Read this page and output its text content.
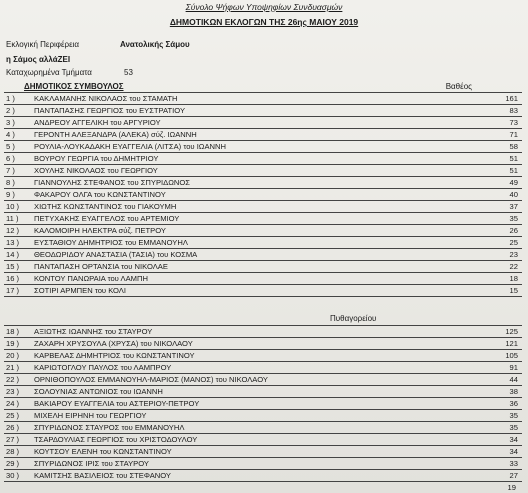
Σύνολο Ψήφων Υποψηφίων Συνδυασμών
ΔΗΜΟΤΙΚΩΝ ΕΚΛΟΓΩΝ ΤΗΣ 26ης ΜΑΙΟΥ 2019
Εκλογική Περιφέρεια	Ανατολικής Σάμου
η Σάμος αλλάΖΕΙ
Καταχωρημένα Τμήματα	53
ΔΗΜΟΤΙΚΟΣ ΣΥΜΒΟΥΛΟΣ	Βαθέος
1 )	ΚΑΚΛΑΜΑΝΗΣ ΝΙΚΟΛΑΟΣ του ΣΤΑΜΑΤΗ	161
2 )	ΠΑΝΤΑΠΑΣΗΣ ΓΕΩΡΓΙΟΣ του ΕΥΣΤΡΑΤΙΟΥ	83
3 )	ΑΝΔΡΕΟΥ ΑΓΓΕΛΙΚΗ του ΑΡΓΥΡΙΟΥ	73
4 )	ΓΕΡΟΝΤΗ ΑΛΕΞΑΝΔΡΑ (ΑΛΕΚΑ) σύζ. ΙΩΑΝΝΗ	71
5 )	ΡΟΥΛΙΑ-ΛΟΥΚΑΔΑΚΗ ΕΥΑΓΓΕΛΙΑ (ΛΙΤΣΑ) του ΙΩΑΝΝΗ	58
6 )	ΒΟΥΡΟΥ ΓΕΩΡΓΙΑ του ΔΗΜΗΤΡΙΟΥ	51
7 )	ΧΟΥΛΗΣ ΝΙΚΟΛΑΟΣ του ΓΕΩΡΓΙΟΥ	51
8 )	ΓΙΑΝΝΟΥΛΗΣ ΣΤΕΦΑΝΟΣ του ΣΠΥΡΙΔΩΝΟΣ	49
9 )	ΦΑΚΑΡΟΥ ΟΛΓΑ του ΚΩΝΣΤΑΝΤΙΝΟΥ	40
10 )	ΧΙΩΤΗΣ ΚΩΝΣΤΑΝΤΙΝΟΣ του ΓΙΑΚΟΥΜΗ	37
11 )	ΠΕΤΥΧΑΚΗΣ ΕΥΑΓΓΕΛΟΣ του ΑΡΤΕΜΙΟΥ	35
12 )	ΚΑΛΟΜΟΙΡΗ ΗΛΕΚΤΡΑ σύζ. ΠΕΤΡΟΥ	26
13 )	ΕΥΣΤΑΘΙΟΥ ΔΗΜΗΤΡΙΟΣ του ΕΜΜΑΝΟΥΗΛ	25
14 )	ΘΕΟΔΩΡΙΔΟΥ ΑΝΑΣΤΑΣΙΑ (ΤΑΣΙΑ) του ΚΟΣΜΑ	23
15 )	ΠΑΝΤΑΠΑΣΗ ΟΡΤΑΝΣΙΑ του ΝΙΚΟΛΑΕ	22
16 )	ΚΟΝΤΟΥ ΠΑΝΩΡΑΙΑ του ΛΑΜΠΗ	18
17 )	ΣΟΤΙΡΙ ΑΡΜΠΕΝ του ΚΟΛΙ	15
Πυθαγορείου
18 )	ΑΞΙΩΤΗΣ ΙΩΑΝΝΗΣ του ΣΤΑΥΡΟΥ	125
19 )	ΖΑΧΑΡΗ ΧΡΥΣΟΥΛΑ (ΧΡΥΣΑ) του ΝΙΚΟΛΑΟΥ	121
20 )	ΚΑΡΒΕΛΑΣ ΔΗΜΗΤΡΙΟΣ του ΚΩΝΣΤΑΝΤΙΝΟΥ	105
21 )	ΚΑΡΙΩΤΟΓΛΟΥ ΠΑΥΛΟΣ του ΛΑΜΠΡΟΥ	91
22 )	ΟΡΝΙΘΟΠΟΥΛΟΣ ΕΜΜΑΝΟΥΗΛ-ΜΑΡΙΟΣ (ΜΑΝΟΣ) του ΝΙΚΟΛΑΟΥ	44
23 )	ΣΟΛΟΥΝΙΑΣ ΑΝΤΩΝΙΟΣ του ΙΩΑΝΝΗ	38
24 )	ΒΑΚΙΑΡΟΥ ΕΥΑΓΓΕΛΙΑ του ΑΣΤΕΡΙΟΥ-ΠΕΤΡΟΥ	36
25 )	ΜΙΧΕΛΗ ΕΙΡΗΝΗ του ΓΕΩΡΓΙΟΥ	35
26 )	ΣΠΥΡΙΔΩΝΟΣ ΣΤΑΥΡΟΣ του ΕΜΜΑΝΟΥΗΛ	35
27 )	ΤΣΑΡΔΟΥΛΙΑΣ ΓΕΩΡΓΙΟΣ του ΧΡΙΣΤΟΔΟΥΛΟΥ	34
28 )	ΚΟΥΤΣΟΥ ΕΛΕΝΗ του ΚΩΝΣΤΑΝΤΙΝΟΥ	34
29 )	ΣΠΥΡΙΔΩΝΟΣ ΙΡΙΣ του ΣΤΑΥΡΟΥ	33
30 )	ΚΑΜΙΤΣΗΣ ΒΑΣΙΛΕΙΟΣ του ΣΤΕΦΑΝΟΥ	27
19
